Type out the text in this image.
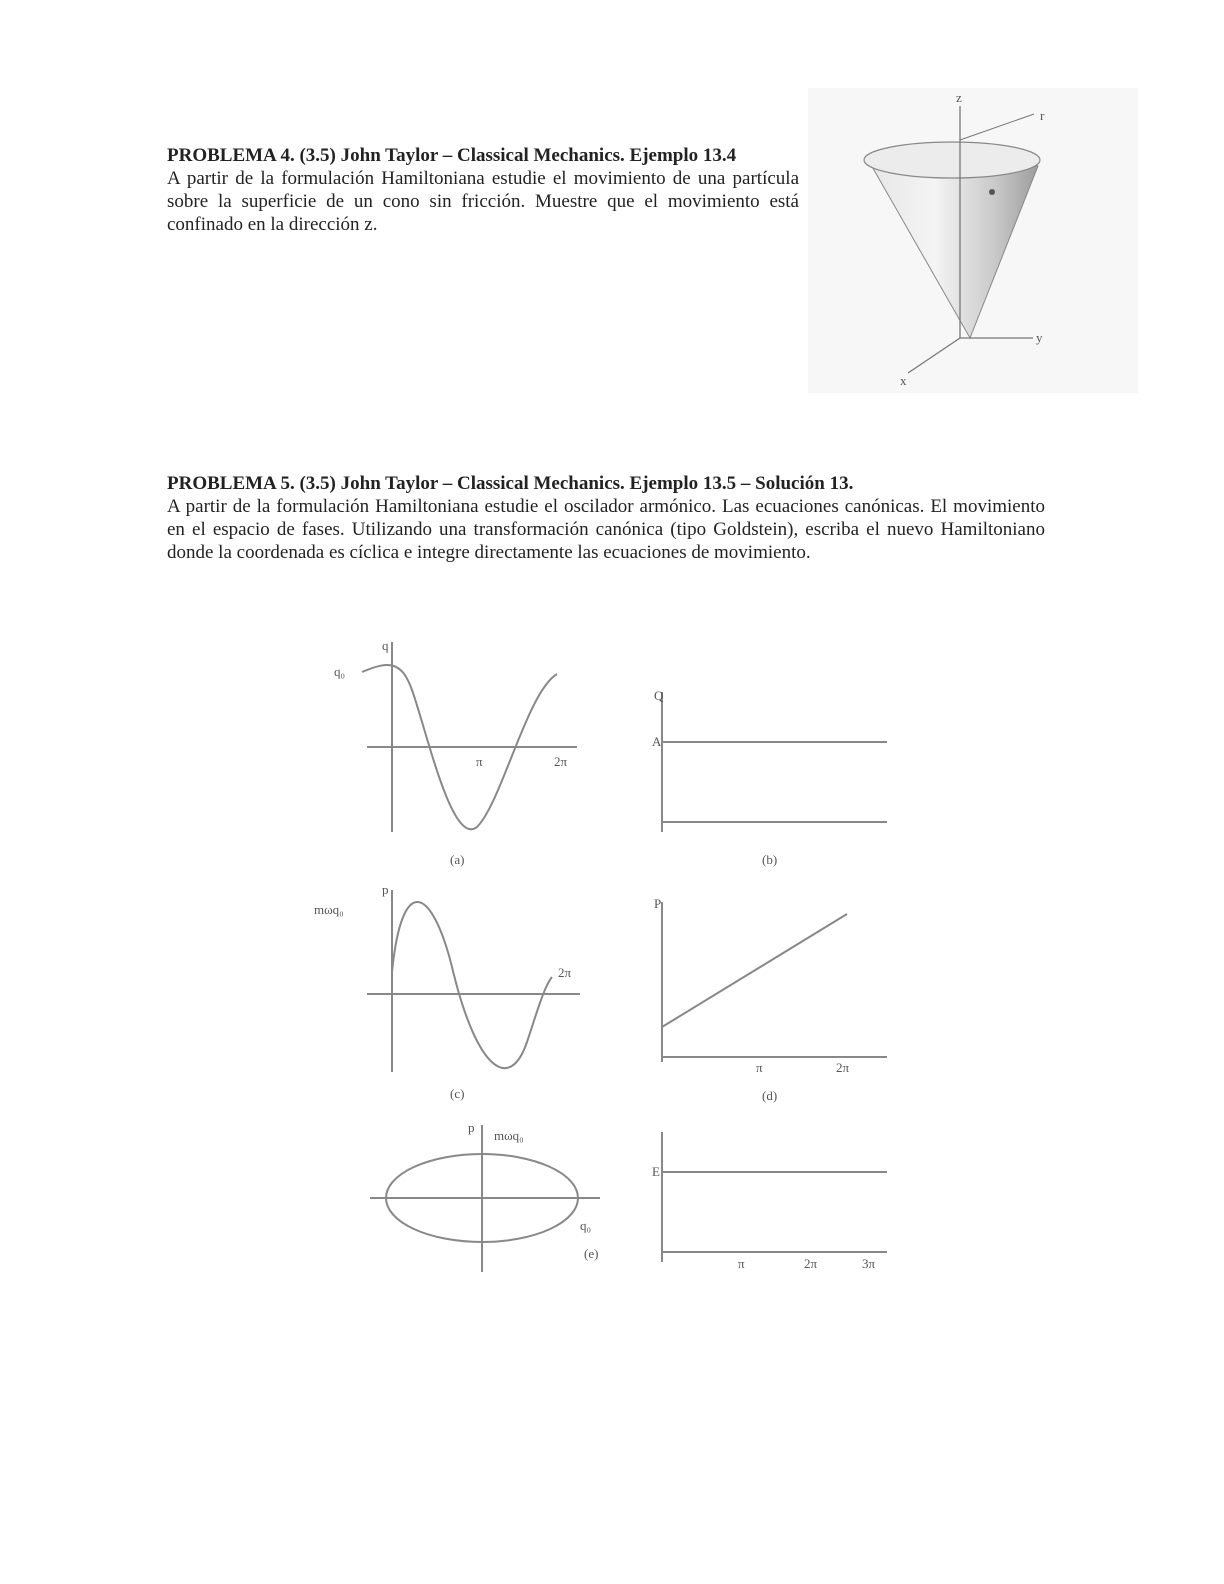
PROBLEMA 4. (3.5) John Taylor – Classical Mechanics. Ejemplo 13.4
A partir de la formulación Hamiltoniana estudie el movimiento de una partícula sobre la superficie de un cono sin fricción. Muestre que el movimiento está confinado en la dirección z.
z
r
x
y
PROBLEMA 5. (3.5) John Taylor – Classical Mechanics. Ejemplo 13.5 – Solución 13.
A partir de la formulación Hamiltoniana estudie el oscilador armónico. Las ecuaciones canónicas. El movimiento en el espacio de fases. Utilizando una transformación canónica (tipo Goldstein), escriba el nuevo Hamiltoniano donde la coordenada es cíclica e integre directamente las ecuaciones de movimiento.
q
q₀
π	2π
(a)
Q
A
(b)
p
mωq₀
2π
(c)
P
π	2π
(d)
p
mωq₀
q₀
(e)
E
π	2π	3π
